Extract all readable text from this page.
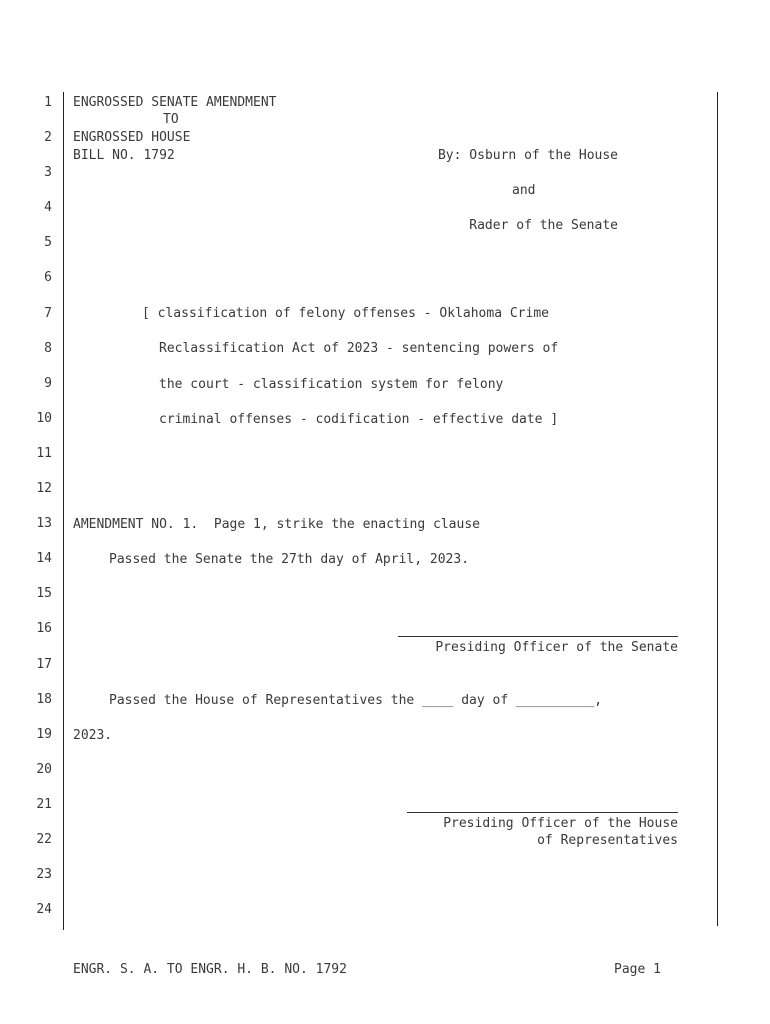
1
2
3
4
5
6
7
8
9
10
11
12
13
14
15
16
17
18
19
20
21
22
23
24
ENGROSSED SENATE AMENDMENT
TO
ENGROSSED HOUSE
BILL NO. 1792	By: Osburn of the House
and
Rader of the Senate
[ classification of felony offenses - Oklahoma Crime
Reclassification Act of 2023 - sentencing powers of
the court - classification system for felony
criminal offenses - codification - effective date ]
AMENDMENT NO. 1.  Page 1, strike the enacting clause
Passed the Senate the 27th day of April, 2023.
Presiding Officer of the Senate
Passed the House of Representatives the ____ day of __________,
2023.
Presiding Officer of the House
of Representatives
ENGR. S. A. TO ENGR. H. B. NO. 1792	Page 1
